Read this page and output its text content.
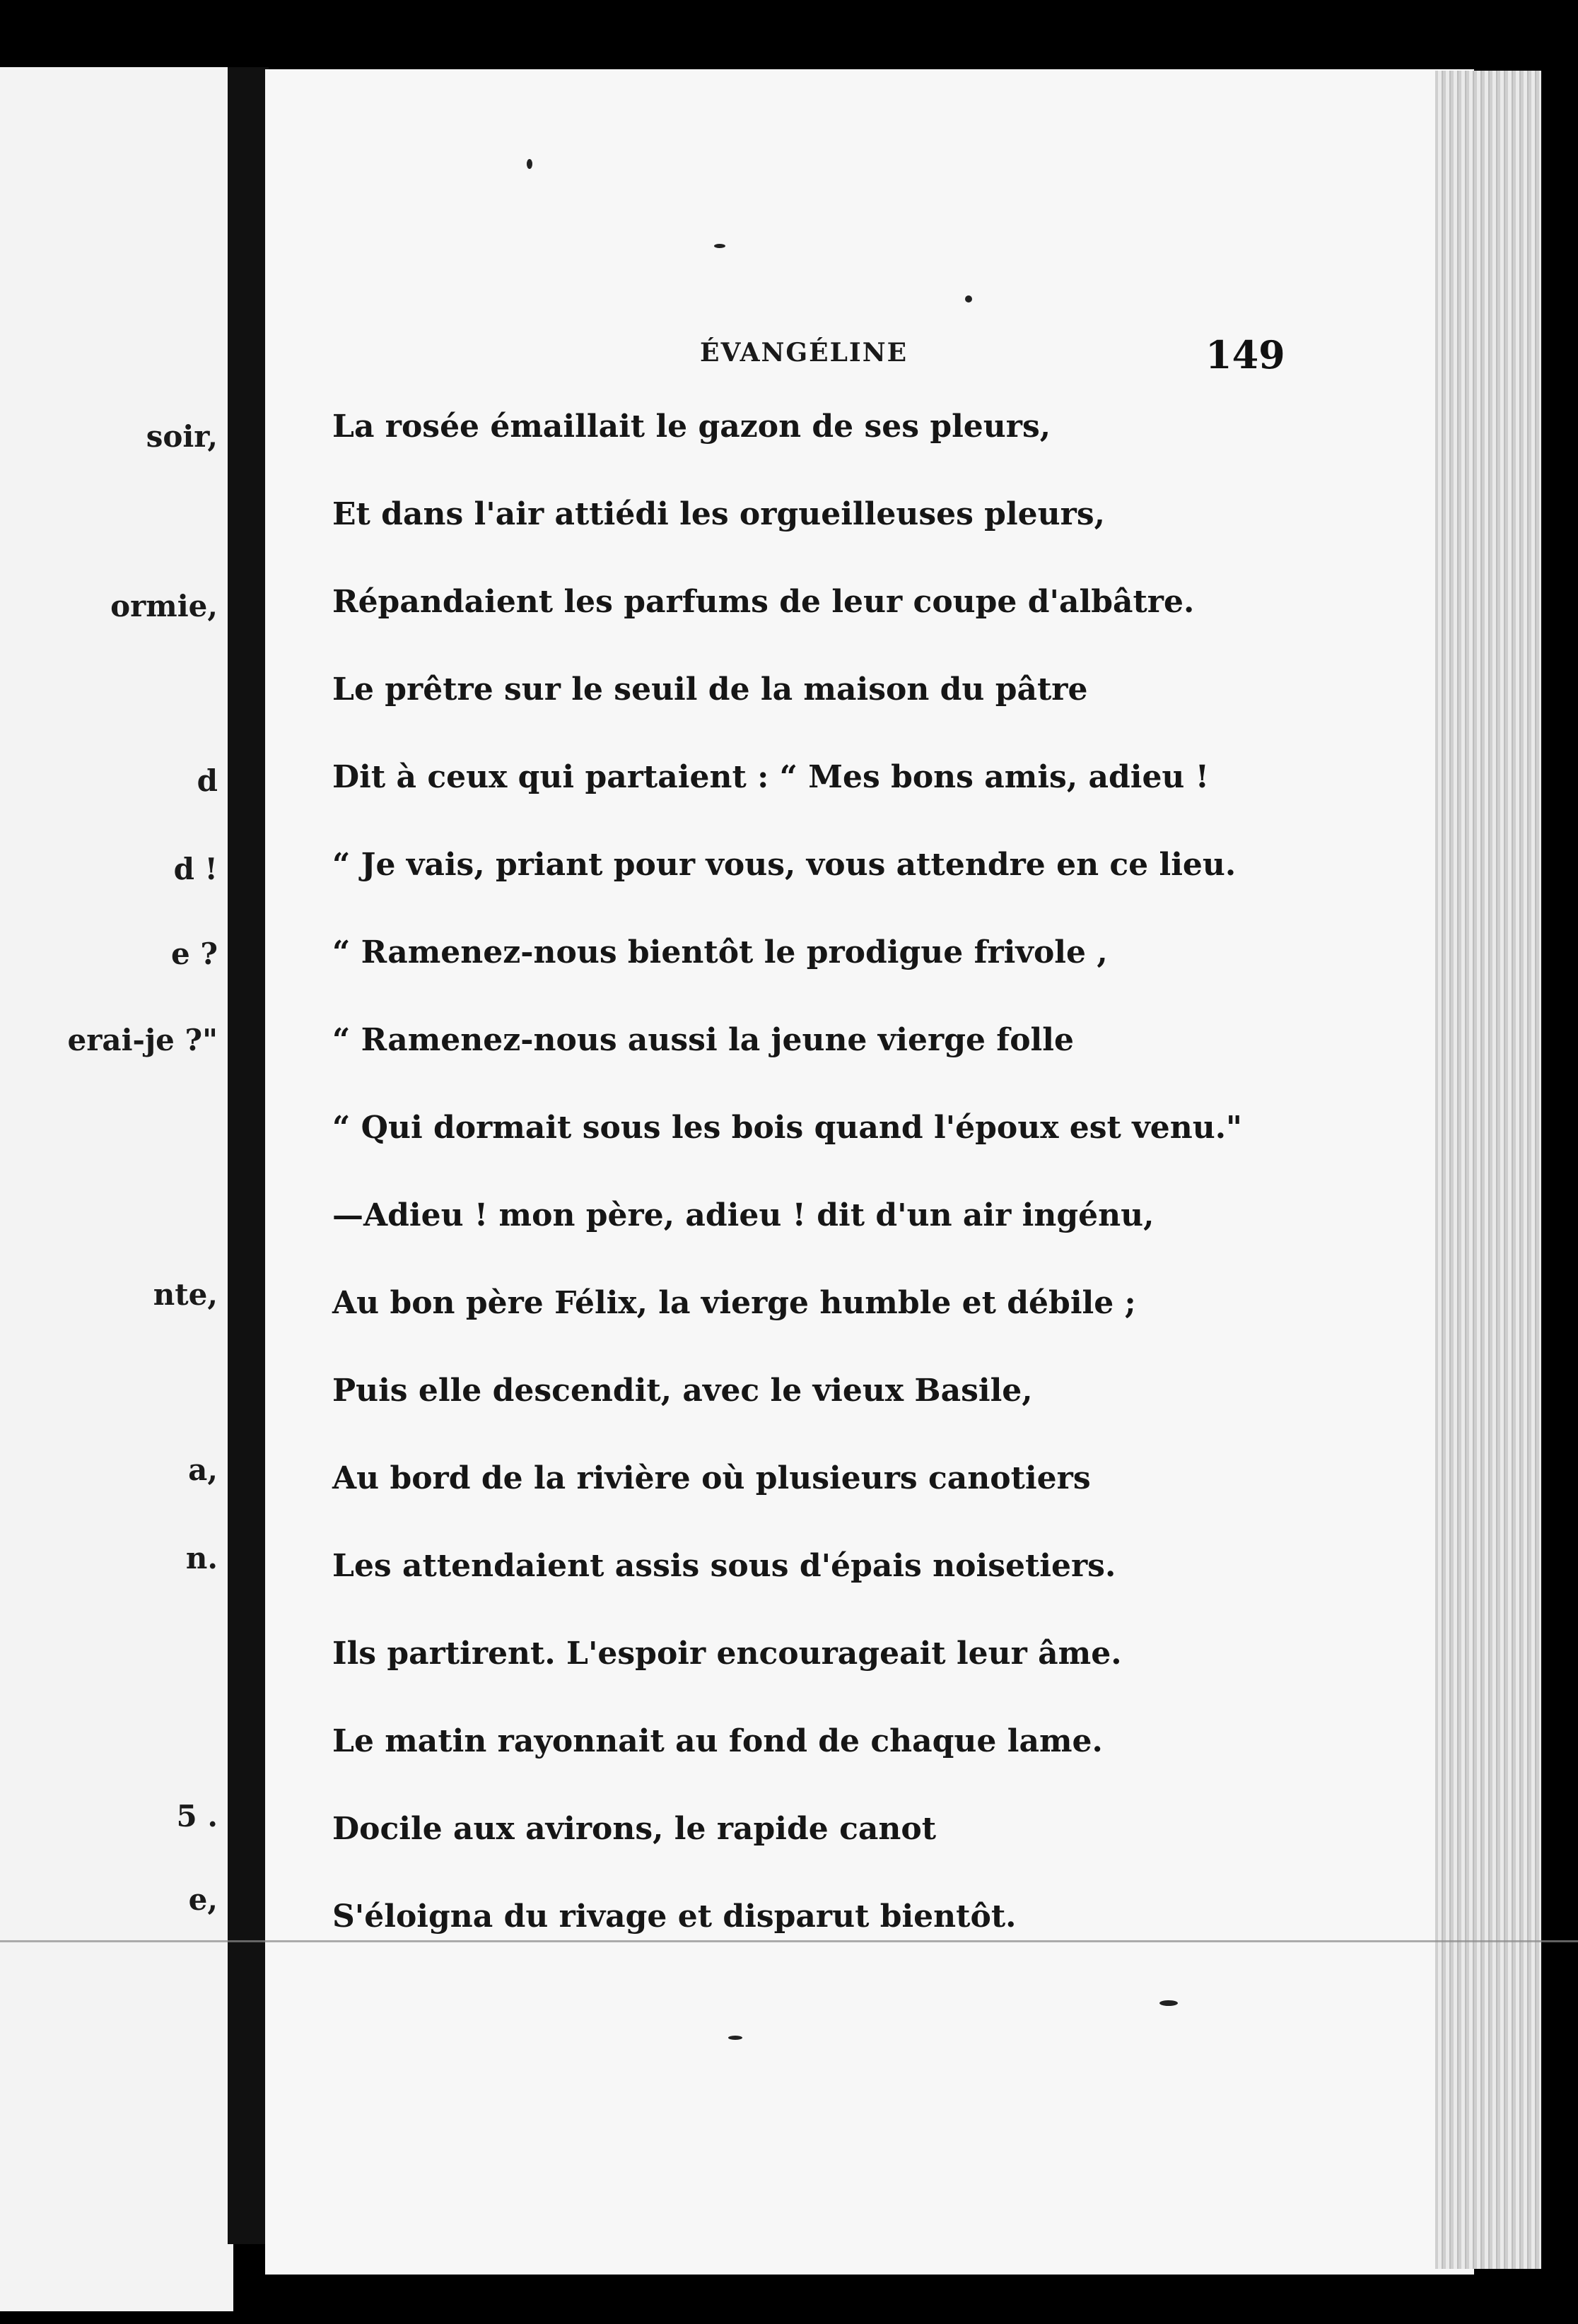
soir,
ormie,
d
d !
e ?
erai-je ?"
nte,
a,
n.
5 .
e,
ÉVANGÉLINE	149
La rosée émaillait le gazon de ses pleurs,
Et dans l'air attiédi les orgueilleuses pleurs,
Répandaient les parfums de leur coupe d'albâtre.
Le prêtre sur le seuil de la maison du pâtre
Dit à ceux qui partaient : “ Mes bons amis, adieu !
“ Je vais, priant pour vous, vous attendre en ce lieu.
“ Ramenez-nous bientôt le prodigue frivole ,
“ Ramenez-nous aussi la jeune vierge folle
“ Qui dormait sous les bois quand l'époux est venu."
—Adieu ! mon père, adieu ! dit d'un air ingénu,
Au bon père Félix, la vierge humble et débile ;
Puis elle descendit, avec le vieux Basile,
Au bord de la rivière où plusieurs canotiers
Les attendaient assis sous d'épais noisetiers.
Ils partirent. L'espoir encourageait leur âme.
Le matin rayonnait au fond de chaque lame.
Docile aux avirons, le rapide canot
S'éloigna du rivage et disparut bientôt.
